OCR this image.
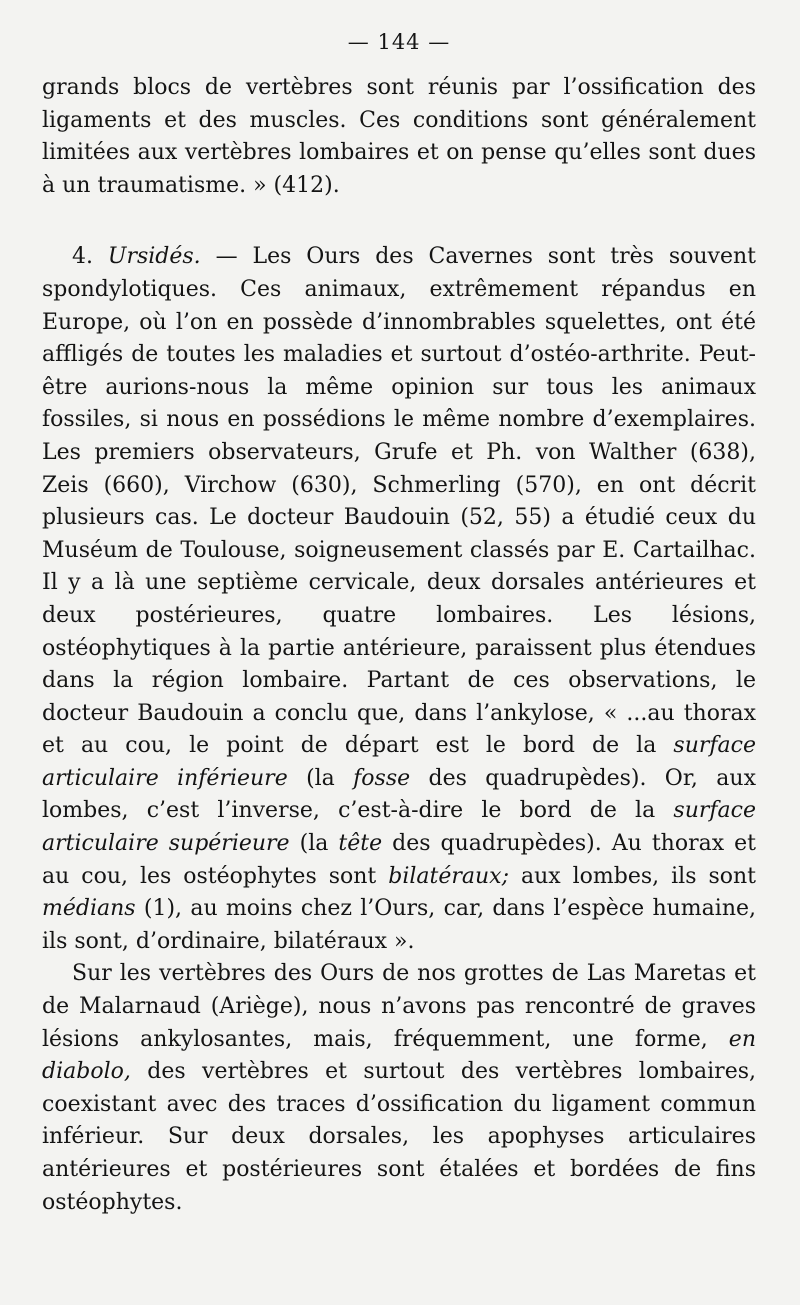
— 144 —

grands blocs de vertèbres sont réunis par l’ossification des ligaments et des muscles. Ces conditions sont généralement limitées aux vertèbres lombaires et on pense qu’elles sont dues à un traumatisme. » (412).

4. Ursidés. — Les Ours des Cavernes sont très souvent spondylotiques. Ces animaux, extrêmement répandus en Europe, où l’on en possède d’innombrables squelettes, ont été affligés de toutes les maladies et surtout d’ostéo-arthrite. Peut-être aurions-nous la même opinion sur tous les animaux fossiles, si nous en possédions le même nombre d’exemplaires. Les premiers observateurs, Grufe et Ph. von Walther (638), Zeis (660), Virchow (630), Schmerling (570), en ont décrit plusieurs cas. Le docteur Baudouin (52, 55) a étudié ceux du Muséum de Toulouse, soigneusement classés par E. Cartailhac. Il y a là une septième cervicale, deux dorsales antérieures et deux postérieures, quatre lombaires. Les lésions, ostéophytiques à la partie antérieure, paraissent plus étendues dans la région lombaire. Partant de ces observations, le docteur Baudouin a conclu que, dans l’ankylose, « ...au thorax et au cou, le point de départ est le bord de la surface articulaire inférieure (la fosse des quadrupèdes). Or, aux lombes, c’est l’inverse, c’est-à-dire le bord de la surface articulaire supérieure (la tête des quadrupèdes). Au thorax et au cou, les ostéophytes sont bilatéraux; aux lombes, ils sont médians (1), au moins chez l’Ours, car, dans l’espèce humaine, ils sont, d’ordinaire, bilatéraux ».

Sur les vertèbres des Ours de nos grottes de Las Maretas et de Malarnaud (Ariège), nous n’avons pas rencontré de graves lésions ankylosantes, mais, fréquemment, une forme, en diabolo, des vertèbres et surtout des vertèbres lombaires, coexistant avec des traces d’ossification du ligament commun inférieur. Sur deux dorsales, les apophyses articulaires antérieures et postérieures sont étalées et bordées de fins ostéophytes.
